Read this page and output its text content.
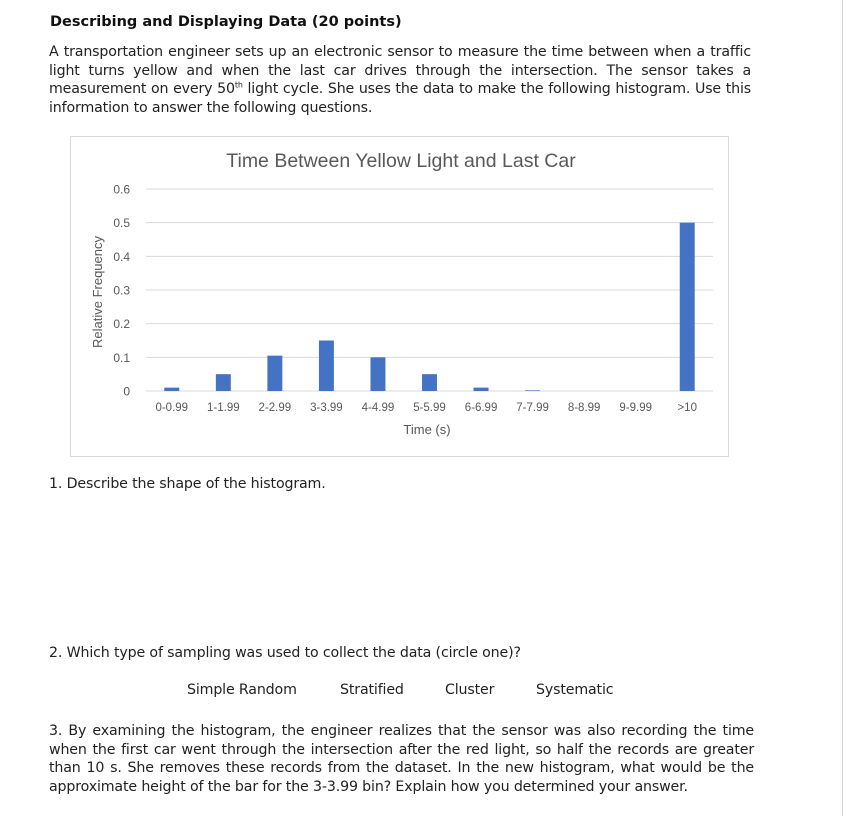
Describing and Displaying Data (20 points)
A transportation engineer sets up an electronic sensor to measure the time between when a traffic light turns yellow and when the last car drives through the intersection. The sensor takes a measurement on every 50th light cycle. She uses the data to make the following histogram. Use this information to answer the following questions.
0
0.1
0.2
0.3
0.4
0.5
0.6
0-0.99 1-1.99 2-2.99 3-3.99 4-4.99 5-5.99 6-6.99 7-7.99 8-8.99 9-9.99 >10
Time Between Yellow Light and Last Car
Time (s)
Relative Frequency
1. Describe the shape of the histogram.
2. Which type of sampling was used to collect the data (circle one)?
Simple Random	Stratified	Cluster	Systematic
3. By examining the histogram, the engineer realizes that the sensor was also recording the time when the first car went through the intersection after the red light, so half the records are greater than 10 s. She removes these records from the dataset. In the new histogram, what would be the approximate height of the bar for the 3-3.99 bin? Explain how you determined your answer.
